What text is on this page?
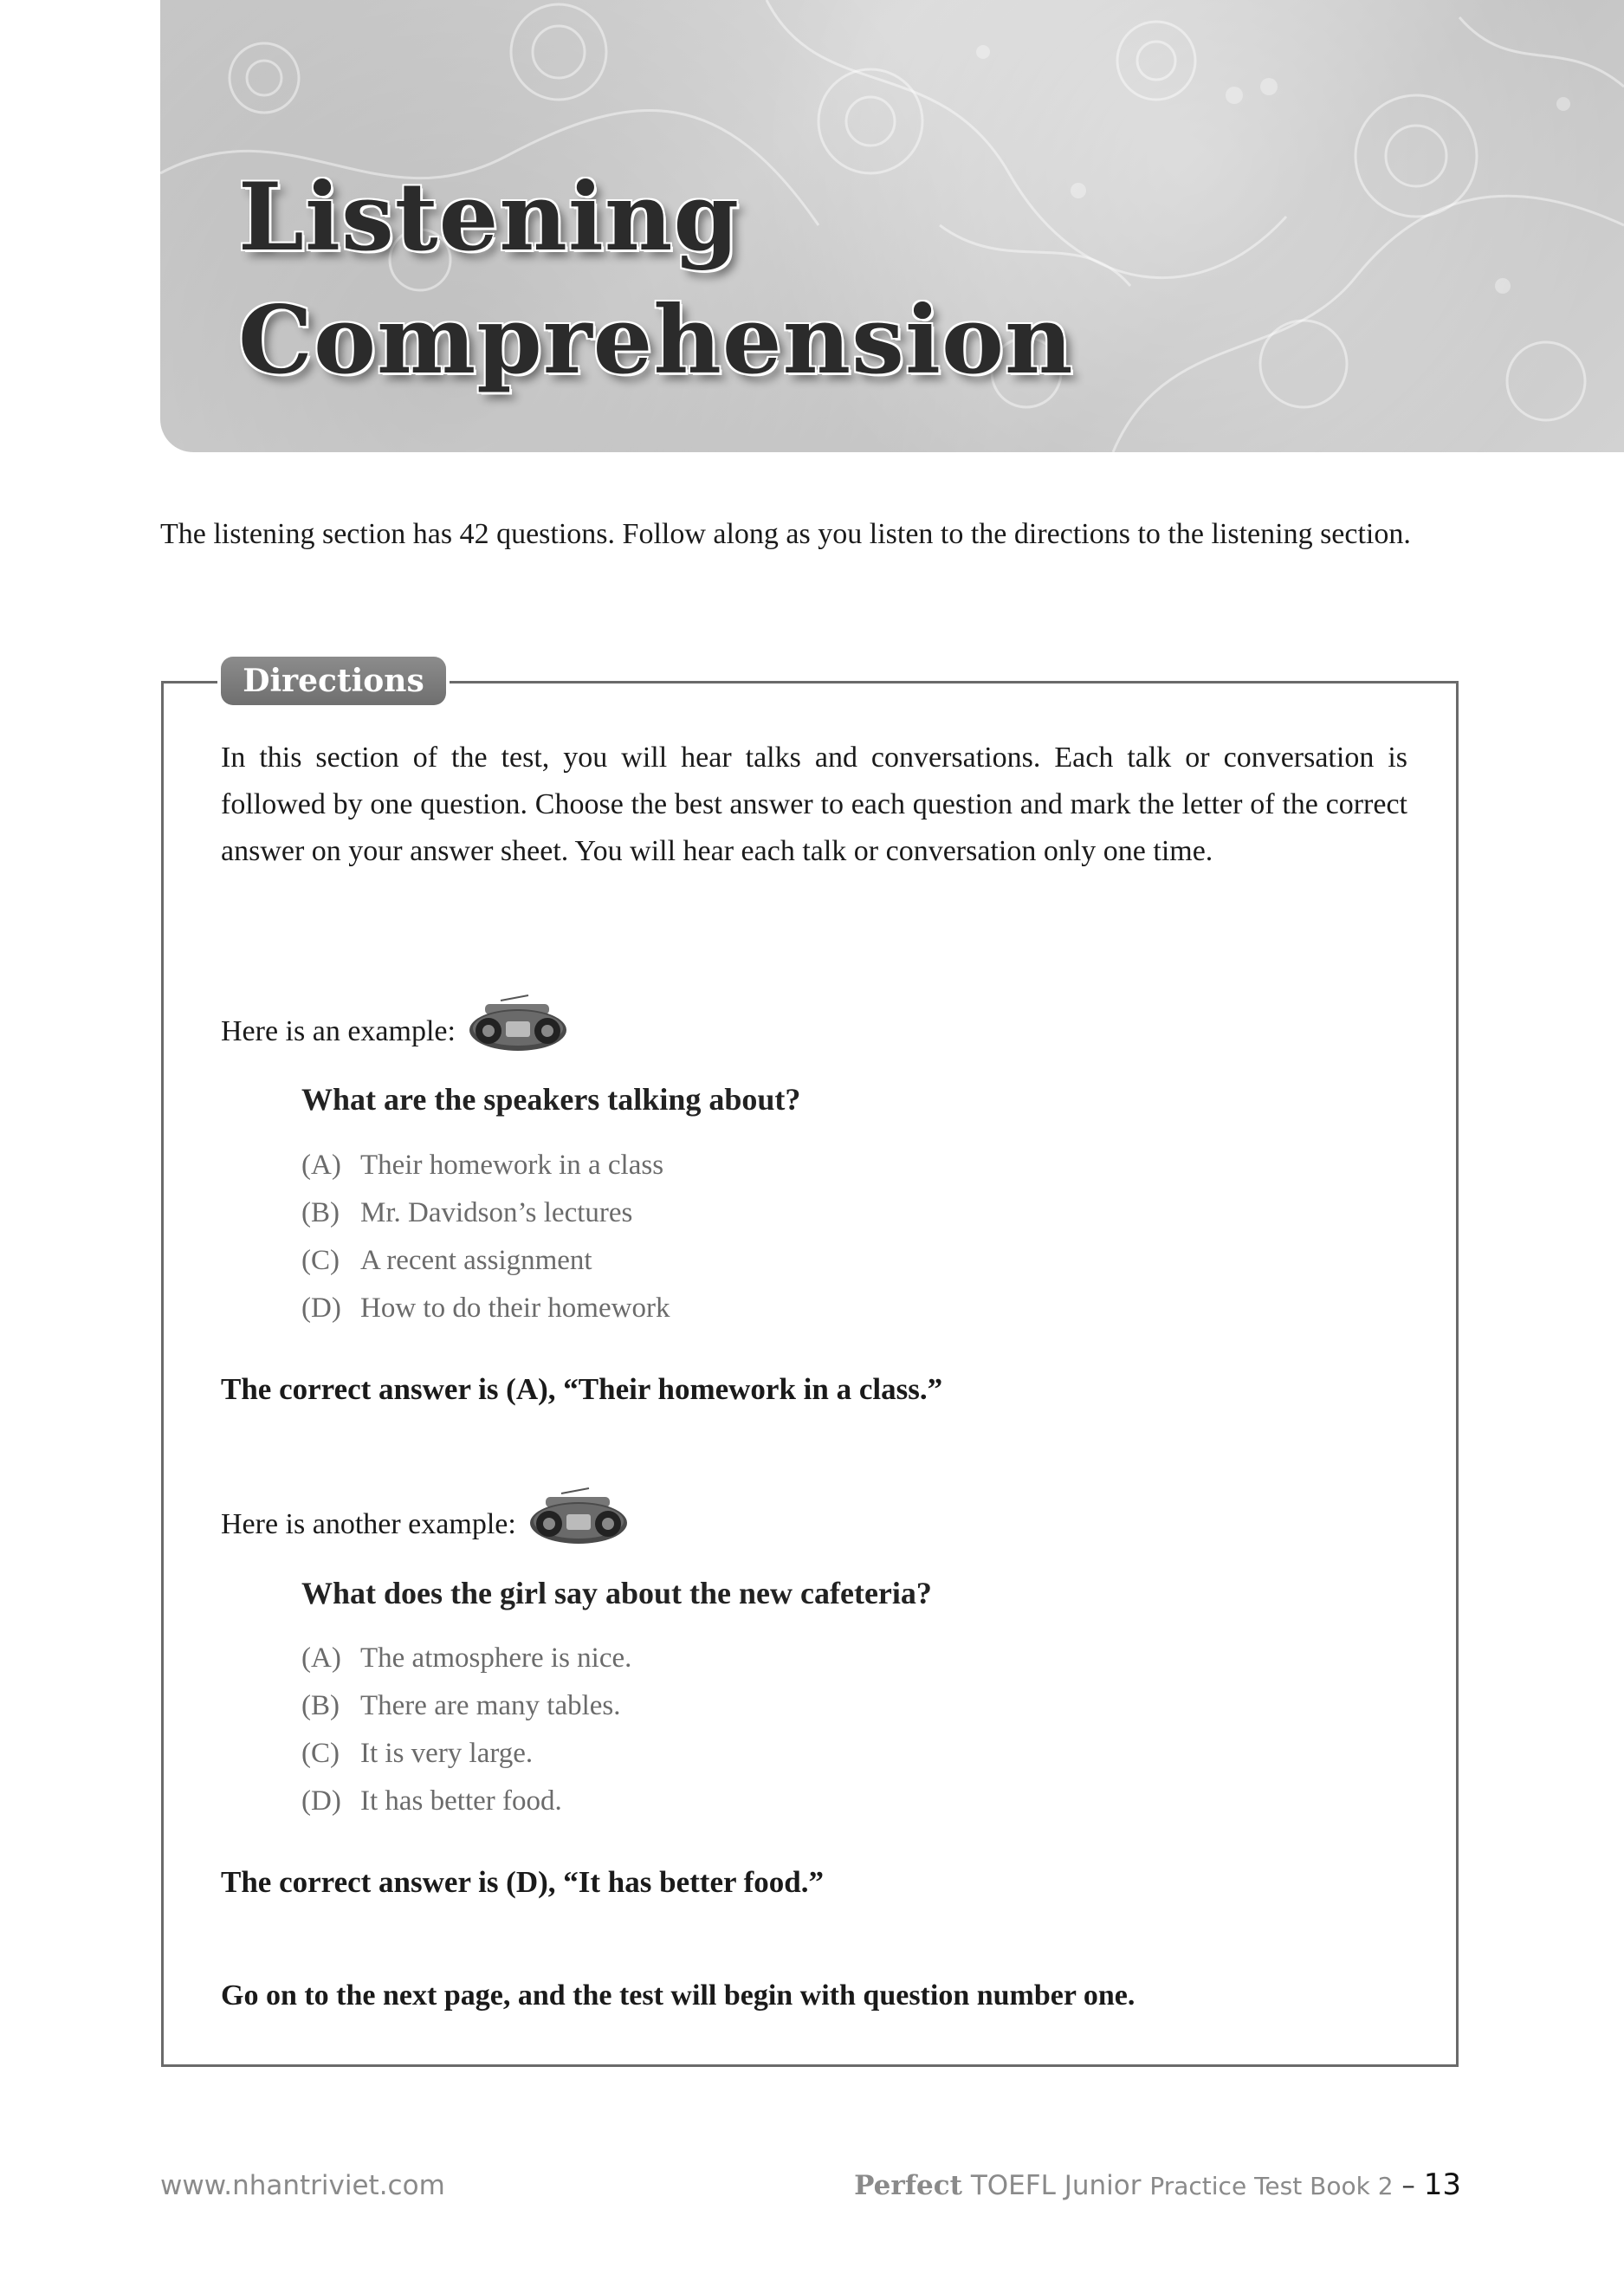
Listening
Comprehension

The listening section has 42 questions. Follow along as you listen to the directions to the listening section.

Directions

In this section of the test, you will hear talks and conversations. Each talk or conversation is followed by one question. Choose the best answer to each question and mark the letter of the correct answer on your answer sheet. You will hear each talk or conversation only one time.

Here is an example:
What are the speakers talking about?
(A) Their homework in a class
(B) Mr. Davidson’s lectures
(C) A recent assignment
(D) How to do their homework
The correct answer is (A), “Their homework in a class.”
Here is another example:
What does the girl say about the new cafeteria?
(A) The atmosphere is nice.
(B) There are many tables.
(C) It is very large.
(D) It has better food.
The correct answer is (D), “It has better food.”

Go on to the next page, and the test will begin with question number one.

www.nhantriviet.com	Perfect TOEFL Junior Practice Test Book 2 – 13
